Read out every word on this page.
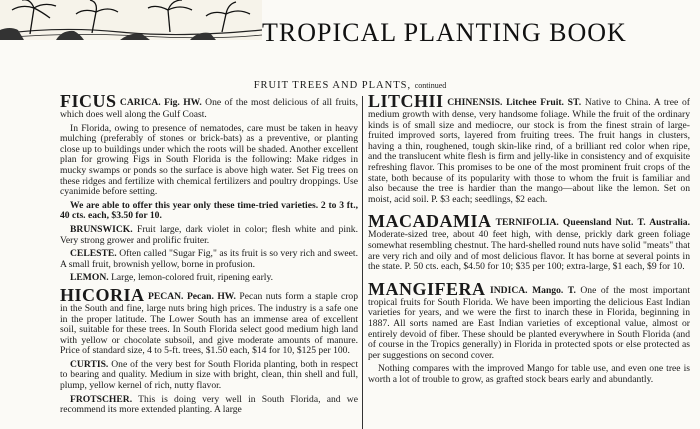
TROPICAL PLANTING BOOK
FRUIT TREES AND PLANTS, continued
FICUS CARICA. Fig. HW. One of the most delicious of all fruits, which does well along the Gulf Coast.
In Florida, owing to presence of nematodes, care must be taken in heavy mulching (preferably of stones or brick-bats) as a preventive, or planting close up to buildings under which the roots will be shaded. Another excellent plan for growing Figs in South Florida is the following: Make ridges in mucky swamps or ponds so the surface is above high water. Set Fig trees on these ridges and fertilize with chemical fertilizers and poultry droppings. Use cyanimide before setting.
We are able to offer this year only these time-tried varieties. 2 to 3 ft., 40 cts. each, $3.50 for 10.
BRUNSWICK. Fruit large, dark violet in color; flesh white and pink. Very strong grower and prolific fruiter.
CELESTE. Often called "Sugar Fig," as its fruit is so very rich and sweet. A small fruit, brownish yellow, borne in profusion.
LEMON. Large, lemon-colored fruit, ripening early.
HICORIA PECAN. Pecan. HW. Pecan nuts form a staple crop in the South and fine, large nuts bring high prices. The industry is a safe one in the proper latitude. The Lower South has an immense area of excellent soil, suitable for these trees. In South Florida select good medium high land with yellow or chocolate subsoil, and give moderate amounts of manure. Price of standard size, 4 to 5-ft. trees, $1.50 each, $14 for 10, $125 per 100.
CURTIS. One of the very best for South Florida planting, both in respect to bearing and quality. Medium in size with bright, clean, thin shell and full, plump, yellow kernel of rich, nutty flavor.
FROTSCHER. This is doing very well in South Florida, and we recommend its more extended planting. A large
LITCHII CHINENSIS. Litchee Fruit. ST. Native to China. A tree of medium growth with dense, very handsome foliage. While the fruit of the ordinary kinds is of small size and mediocre, our stock is from the finest strain of large-fruited improved sorts, layered from fruiting trees. The fruit hangs in clusters, having a thin, roughened, tough skin-like rind, of a brilliant red color when ripe, and the translucent white flesh is firm and jelly-like in consistency and of exquisite refreshing flavor. This promises to be one of the most prominent fruit crops of the state, both because of its popularity with those to whom the fruit is familiar and also because the tree is hardier than the mango—about like the lemon. Set on moist, acid soil. P. $3 each; seedlings, $2 each.
MACADAMIA TERNIFOLIA. Queensland Nut. T. Australia. Moderate-sized tree, about 40 feet high, with dense, prickly dark green foliage somewhat resembling chestnut. The hard-shelled round nuts have solid "meats" that are very rich and oily and of most delicious flavor. It has borne at several points in the state. P. 50 cts. each, $4.50 for 10; $35 per 100; extra-large, $1 each, $9 for 10.
MANGIFERA INDICA. Mango. T. One of the most important tropical fruits for South Florida. We have been importing the delicious East Indian varieties for years, and we were the first to inarch these in Florida, beginning in 1887. All sorts named are East Indian varieties of exceptional value, almost or entirely devoid of fiber. These should be planted everywhere in South Florida (and of course in the Tropics generally) in Florida in protected spots or else protected as per suggestions on second cover.
Nothing compares with the improved Mango for table use, and even one tree is worth a lot of trouble to grow, as grafted stock bears early and abundantly.
